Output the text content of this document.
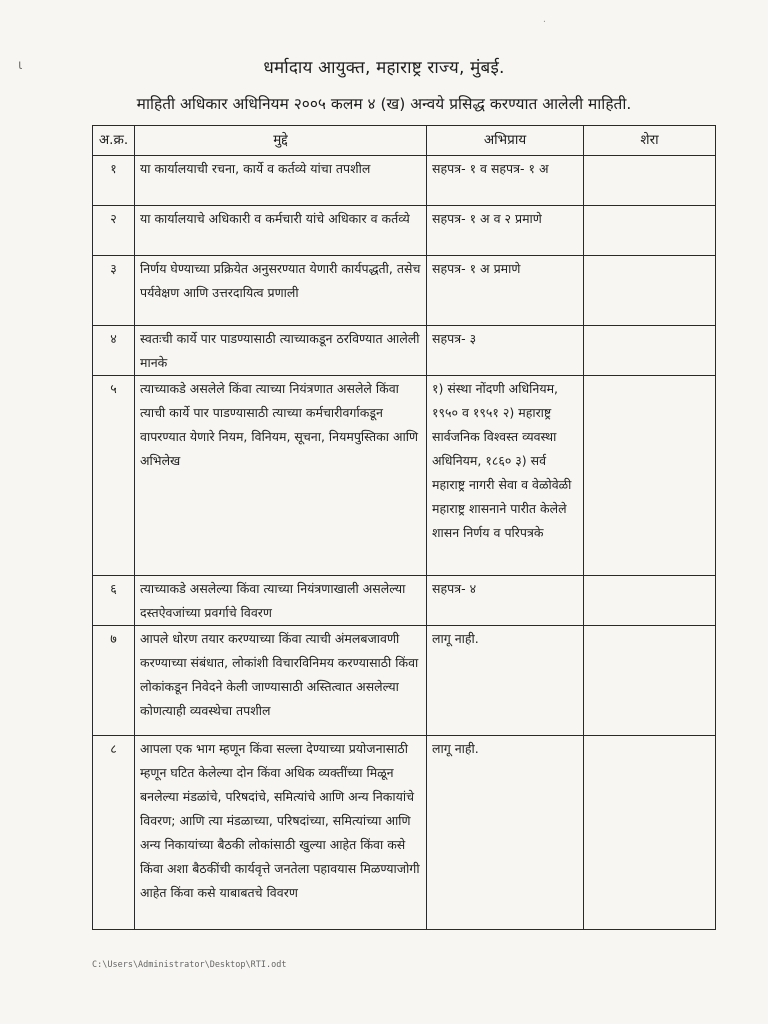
ι
·
धर्मादाय आयुक्त, महाराष्ट्र राज्य, मुंबई.
माहिती अधिकार अधिनियम २००५ कलम ४ (ख) अन्वये प्रसिद्ध करण्यात आलेली माहिती.
अ.क्र.	मुद्दे	अभिप्राय	शेरा
१	या कार्यालयाची रचना, कार्ये व कर्तव्ये यांचा तपशील	सहपत्र- १ व सहपत्र- १ अ	
२	या कार्यालयाचे अधिकारी व कर्मचारी यांचे अधिकार व कर्तव्ये	सहपत्र- १ अ व २ प्रमाणे	
३	निर्णय घेण्याच्या प्रक्रियेत अनुसरण्यात येणारी कार्यपद्धती, तसेच पर्यवेक्षण आणि उत्तरदायित्व प्रणाली	सहपत्र- १ अ प्रमाणे	
४	स्वतःची कार्ये पार पाडण्यासाठी त्याच्याकडून ठरविण्यात आलेली मानके	सहपत्र- ३	
५	त्याच्याकडे असलेले किंवा त्याच्या नियंत्रणात असलेले किंवा त्याची कार्ये पार पाडण्यासाठी त्याच्या कर्मचारीवर्गाकडून वापरण्यात येणारे नियम, विनियम, सूचना, नियमपुस्तिका आणि अभिलेख	१) संस्था नोंदणी अधिनियम, १९५० व १९५१ २) महाराष्ट्र सार्वजनिक विश्वस्त व्यवस्था अधिनियम, १८६० ३) सर्व महाराष्ट्र नागरी सेवा व वेळोवेळी महाराष्ट्र शासनाने पारीत केलेले शासन निर्णय व परिपत्रके	
६	त्याच्याकडे असलेल्या किंवा त्याच्या नियंत्रणाखाली असलेल्या दस्तऐवजांच्या प्रवर्गाचे विवरण	सहपत्र- ४	
७	आपले धोरण तयार करण्याच्या किंवा त्याची अंमलबजावणी करण्याच्या संबंधात, लोकांशी विचारविनिमय करण्यासाठी किंवा लोकांकडून निवेदने केली जाण्यासाठी अस्तित्वात असलेल्या कोणत्याही व्यवस्थेचा तपशील	लागू नाही.	
८	आपला एक भाग म्हणून किंवा सल्ला देण्याच्या प्रयोजनासाठी म्हणून घटित केलेल्या दोन किंवा अधिक व्यक्तींच्या मिळून बनलेल्या मंडळांचे, परिषदांचे, समित्यांचे आणि अन्य निकायांचे विवरण; आणि त्या मंडळाच्या, परिषदांच्या, समित्यांच्या आणि अन्य निकायांच्या बैठकी लोकांसाठी खुल्या आहेत किंवा कसे किंवा अशा बैठकींची कार्यवृत्ते जनतेला पहावयास मिळण्याजोगी आहेत किंवा कसे याबाबतचे विवरण	लागू नाही.	
C:\Users\Administrator\Desktop\RTI.odt
